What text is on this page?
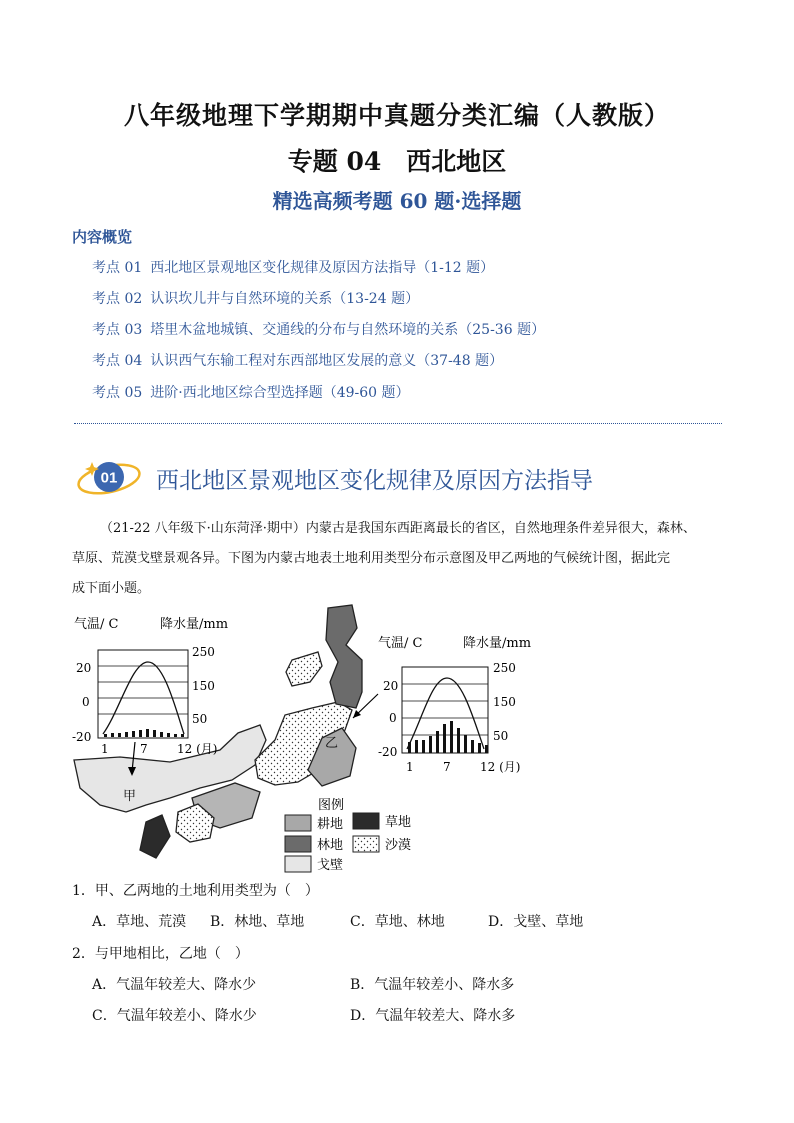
八年级地理下学期期中真题分类汇编（人教版）
专题 04　西北地区
精选高频考题 60 题·选择题
内容概览
考点 01 西北地区景观地区变化规律及原因方法指导（1-12 题）
考点 02 认识坎儿井与自然环境的关系（13-24 题）
考点 03 塔里木盆地城镇、交通线的分布与自然环境的关系（25-36 题）
考点 04 认识西气东输工程对东西部地区发展的意义（37-48 题）
考点 05 进阶·西北地区综合型选择题（49-60 题）
01 西北地区景观地区变化规律及原因方法指导
（21-22 八年级下·山东菏泽·期中）内蒙古是我国东西距离最长的省区，自然地理条件差异很大，森林、
草原、荒漠戈壁景观各异。下图为内蒙古地表土地利用类型分布示意图及甲乙两地的气候统计图，据此完
成下面小题。
乙
甲
气温/ C	降水量/mm
20
0
-20
250
150
50
1	7 12 (月)
气温/ C	降水量/mm
20
0
-20
250
150
50
1 7 12 (月)
图例
耕地	草地
林地	沙漠
戈壁
1．甲、乙两地的土地利用类型为（　）
A．草地、荒漠 B．林地、草地	C．草地、林地	D．戈壁、草地
2．与甲地相比，乙地（　）
A．气温年较差大、降水少	B．气温年较差小、降水多
C．气温年较差小、降水少	D．气温年较差大、降水多
